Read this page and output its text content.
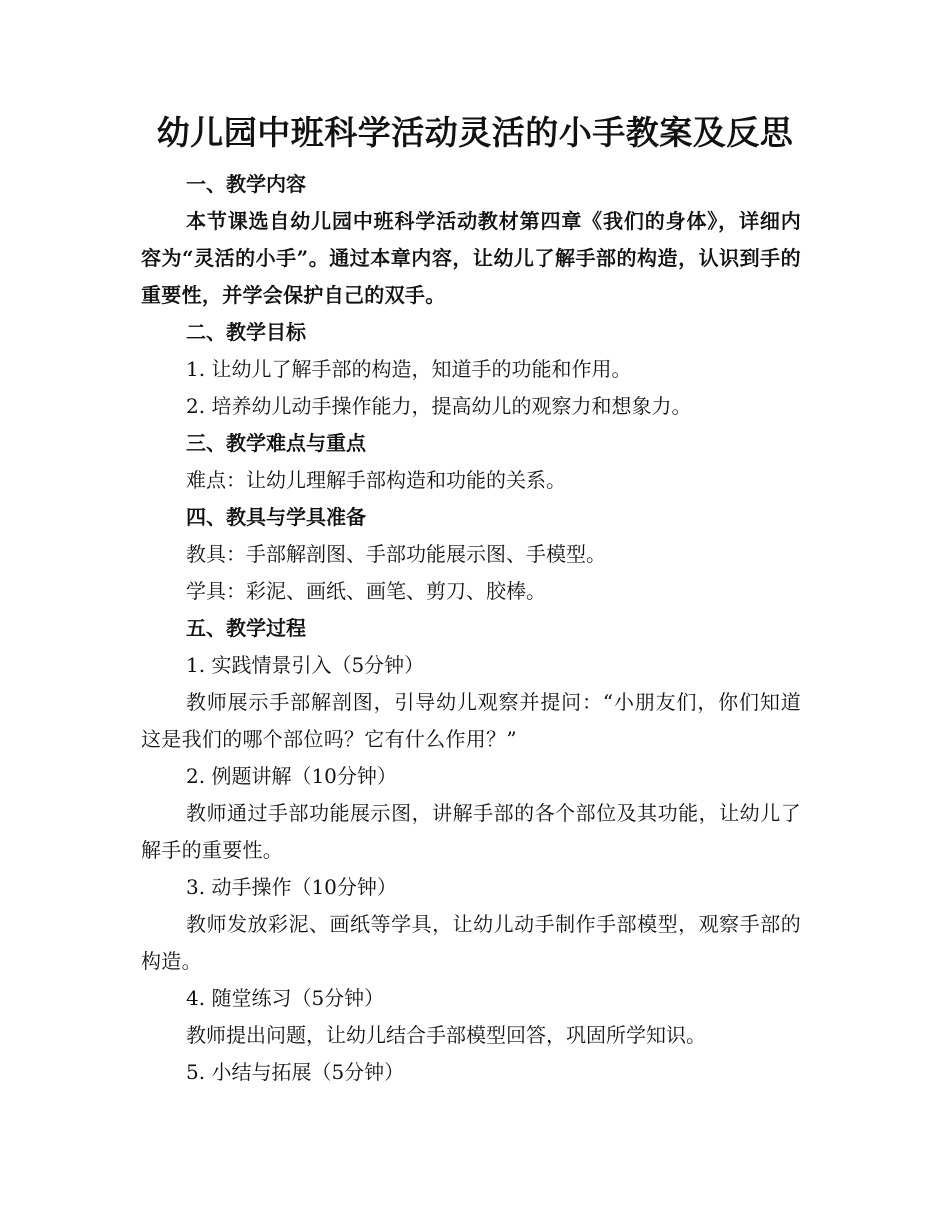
幼儿园中班科学活动灵活的小手教案及反思

一、教学内容

本节课选自幼儿园中班科学活动教材第四章《我们的身体》，详细内容为“灵活的小手”。通过本章内容，让幼儿了解手部的构造，认识到手的重要性，并学会保护自己的双手。

二、教学目标

1. 让幼儿了解手部的构造，知道手的功能和作用。

2. 培养幼儿动手操作能力，提高幼儿的观察力和想象力。

三、教学难点与重点

难点：让幼儿理解手部构造和功能的关系。

四、教具与学具准备

教具：手部解剖图、手部功能展示图、手模型。

学具：彩泥、画纸、画笔、剪刀、胶棒。

五、教学过程

1. 实践情景引入（5分钟）

教师展示手部解剖图，引导幼儿观察并提问：“小朋友们，你们知道这是我们的哪个部位吗？它有什么作用？”

2. 例题讲解（10分钟）

教师通过手部功能展示图，讲解手部的各个部位及其功能，让幼儿了解手的重要性。

3. 动手操作（10分钟）

教师发放彩泥、画纸等学具，让幼儿动手制作手部模型，观察手部的构造。

4. 随堂练习（5分钟）

教师提出问题，让幼儿结合手部模型回答，巩固所学知识。

5. 小结与拓展（5分钟）
